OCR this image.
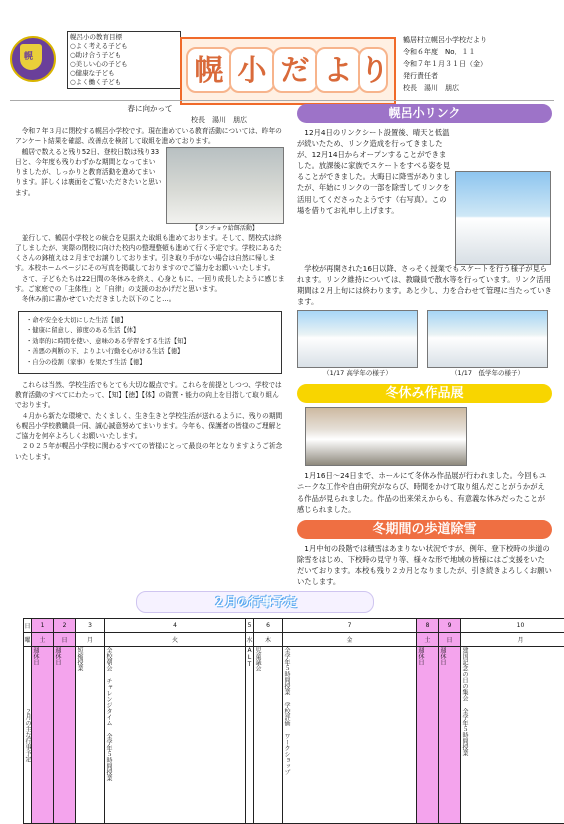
幌
幌呂小の教育目標
○よく考える子ども
○助け合う子ども
○美しい心の子ども
○健康な子ども
○よく働く子ども	幌 小 だ よ り
鶴居村立幌呂小学校だより
令和６年度　No．１１
令和７年１月３１日（金）
発行責任者
校長　湯川　朋広
春に向かって
校長　湯川　朋広

令和７年３月に閉校する幌呂小学校です。現在進めている教育活動については、昨年のアンケート結果を確認、改善点を検討して取組を進めております。

鶴居で数えると残り52日、登校日数は残り33日と、今年度も残りわずかな期間となってまいりましたが、しっかりと教育活動を進めてまいります。詳しくは裏面をご覧いただきたいと思います。

【タンチョウ給餌活動】

並行して、鶴居小学校との統合を見据えた取組も進めております。そして、閉校式は終了しましたが、実際の閉校に向けた校内の整理整頓も進めて行く予定です。学校にあるたくさんの鉢植えは２月までお譲りしております。引き取り手がない場合は自然に帰します。本校ホームページにその写真を掲載しておりますのでご協力をお願いいたします。

さて、子どもたちは22日間の冬休みを終え、心身ともに、一回り成長したように感じます。ご家庭での「主体性」と「自律」の支援のおかげだと思います。

冬休み前に書かせていただきました以下のこと…。

・命や安全を大切にした生活【徳】
・健康に留意し、節度のある生活【体】
・効率的に時間を使い、意味のある学習をする生活【知】
・善悪の判断の下、よりよい行動を心がける生活【徳】
・自分の役割（家事）を果たす生活【徳】

これらは当然、学校生活でもとても大切な観点です。これらを前提としつつ、学校では教育活動のすべてにわたって、【知】【徳】【体】の資質・能力の向上を目指して取り組んでおります。

４月から新たな環境で、たくましく、生き生きと学校生活が送れるように、残りの期間も幌呂小学校教職員一同、誠心誠意努めてまいります。今年も、保護者の皆様のご理解とご協力を何卒よろしくお願いいたします。

２０２５年が幌呂小学校に関わるすべての皆様にとって最良の年となりますようご祈念いたします。

幌呂小リンク

12月4日のリンクシート設置後、晴天と低温が続いたため、リンク造成を行ってきましたが、12月14日からオープンすることができました。放課後に家族でスケートをすべる姿を見ることができました。大晦日に降雪がありましたが、年始にリンクの一部を除雪してリンクを活用してくださったようです（右写真）。この場を借りてお礼申し上げます。

学校が再開された16日以降、さっそく授業でもスケートを行う様子が見られます。リンク維持については、教職員で散水等を行っています。リンク活用期間は２月上旬には終わります。あと少し、力を合わせて管理に当たっていきます。

（1/17 高学年の様子）	（1/17　低学年の様子）
冬休み作品展

1月16日～24日まで、ホールにて冬休み作品展が行われました。今回もユニークな工作や自由研究がならび、時間をかけて取り組んだことがうかがえる作品が見られました。作品の出来栄えからも、有意義な休みだったことが感じられました。

冬期間の歩道除雪

1月中旬の段階では積雪はあまりない状況ですが、例年、登下校時の歩道の除雪をはじめ、下校時の見守り等、様々な形で地域の皆様にはご支援をいただいております。本校も残り２カ月となりましたが、引き続きよろしくお願いいたします。

２月の行事予定
日	1	2	3	4	5	6	7	8	9	10																		
曜	土	日	月	火	水	木	金	土	日	月																		

２月の主な行事予定	週休日	週休日	短縮授業	全校朝会 チャレンジタイム 全学年５時間授業	ALT	児童議会	全学年５時間授業 学校評価 ワークショップ	週休日	週休日	建国記念の日の集会 全学年５時間授業
